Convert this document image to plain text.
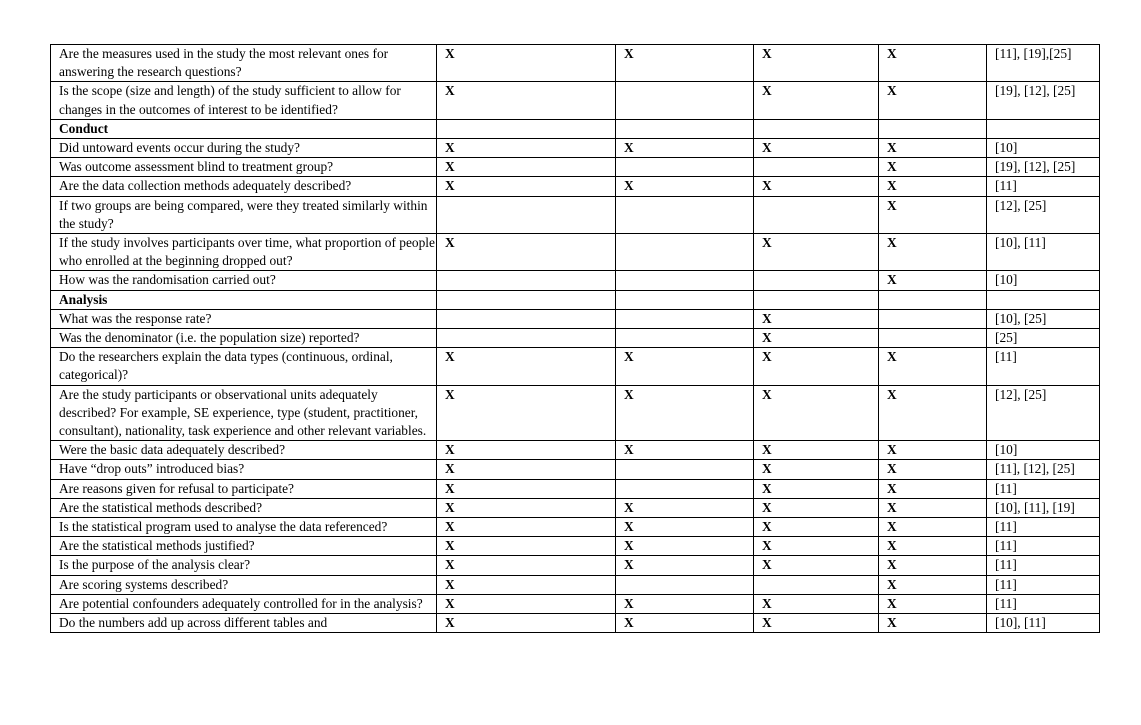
Are the measures used in the study the most relevant ones for answering the research questions?	X	X	X	X	[11], [19],[25]
Is the scope (size and length) of the study sufficient to allow for changes in the outcomes of interest to be identified?	X		X	X	[19], [12], [25]
Conduct					
Did untoward events occur during the study?	X	X	X	X	[10]
Was outcome assessment blind to treatment group?	X			X	[19], [12], [25]
Are the data collection methods adequately described?	X	X	X	X	[11]
If two groups are being compared, were they treated similarly within the study?				X	[12], [25]
If the study involves participants over time, what proportion of people who enrolled at the beginning dropped out?	X		X	X	[10], [11]
How was the randomisation carried out?				X	[10]
Analysis					
What was the response rate?			X		[10], [25]
Was the denominator (i.e. the population size) reported?			X		[25]
Do the researchers explain the data types (continuous, ordinal, categorical)?	X	X	X	X	[11]
Are the study participants or observational units adequately described? For example, SE experience, type (student, practitioner, consultant), nationality, task experience and other relevant variables.	X	X	X	X	[12], [25]
Were the basic data adequately described?	X	X	X	X	[10]
Have “drop outs” introduced bias?	X		X	X	[11], [12], [25]
Are reasons given for refusal to participate?	X		X	X	[11]
Are the statistical methods described?	X	X	X	X	[10], [11], [19]
Is the statistical program used to analyse the data referenced?	X	X	X	X	[11]
Are the statistical methods justified?	X	X	X	X	[11]
Is the purpose of the analysis clear?	X	X	X	X	[11]
Are scoring systems described?	X			X	[11]
Are potential confounders adequately controlled for in the analysis?	X	X	X	X	[11]
Do the numbers add up across different tables and	X	X	X	X	[10], [11]
